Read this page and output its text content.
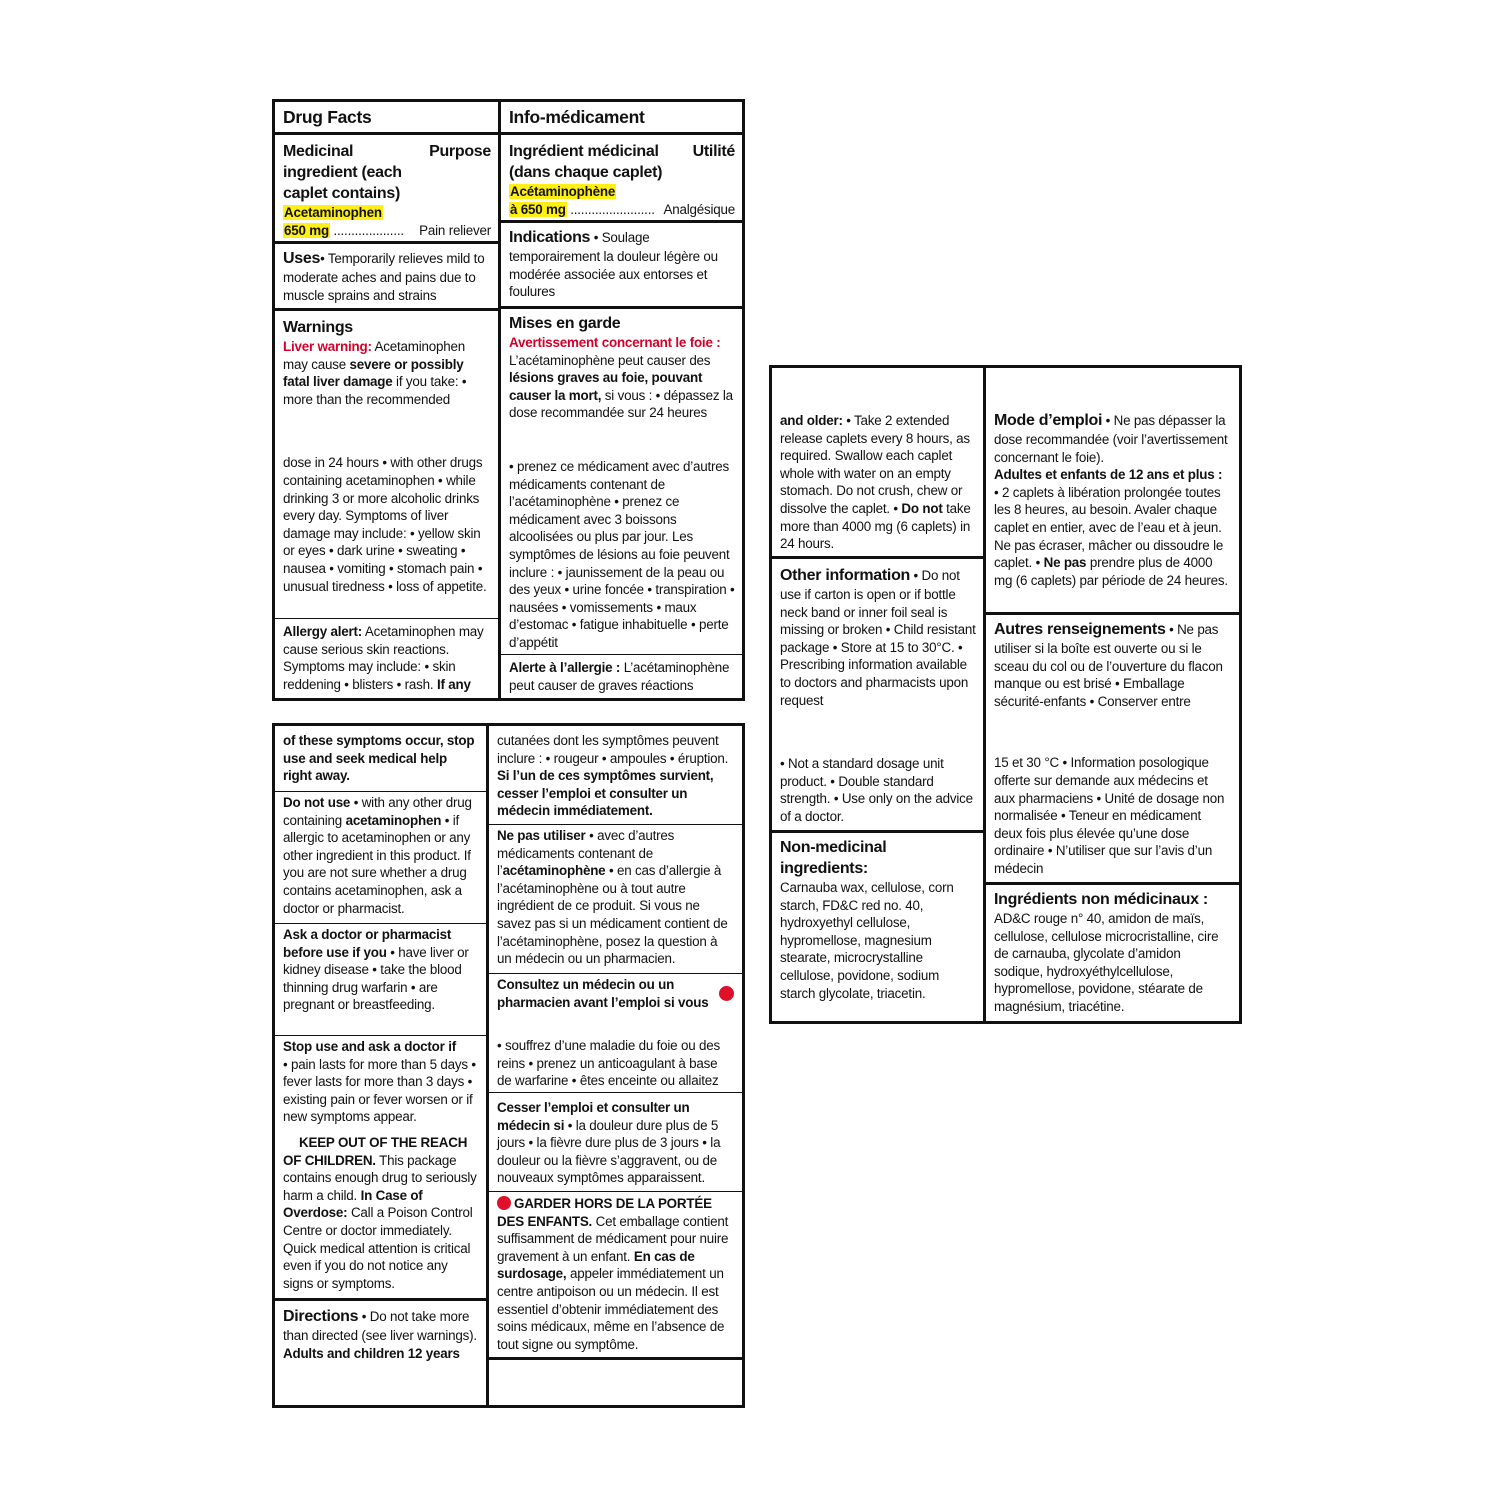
Drug Facts
Medicinal ingredient (each caplet contains)
Purpose
Acetaminophen
650 mg .................... Pain reliever
Uses• Temporarily relieves mild to moderate aches and pains due to muscle sprains and strains
Warnings
Liver warning: Acetaminophen may cause severe or possibly fatal liver damage if you take: • more than the recommended
dose in 24 hours • with other drugs containing acetaminophen • while drinking 3 or more alcoholic drinks every day. Symptoms of liver damage may include: • yellow skin or eyes • dark urine • sweating • nausea • vomiting • stomach pain • unusual tiredness • loss of appetite.
Allergy alert: Acetaminophen may cause serious skin reactions. Symptoms may include: • skin reddening • blisters • rash. If any
Info-médicament
Ingrédient médicinal (dans chaque caplet)
Utilité
Acétaminophène
à 650 mg ........................ Analgésique
Indications • Soulage temporairement la douleur légère ou modérée associée aux entorses et foulures
Mises en garde
Avertissement concernant le foie :
L’acétaminophène peut causer des lésions graves au foie, pouvant causer la mort, si vous : • dépassez la dose recommandée sur 24 heures
• prenez ce médicament avec d’autres médicaments contenant de l’acétaminophène • prenez ce médicament avec 3 boissons alcoolisées ou plus par jour. Les symptômes de lésions au foie peuvent inclure : • jaunissement de la peau ou des yeux • urine foncée • transpiration • nausées • vomissements • maux d’estomac • fatigue inhabituelle • perte d’appétit
Alerte à l’allergie : L’acétaminophène peut causer de graves réactions
of these symptoms occur, stop use and seek medical help right away.
Do not use • with any other drug containing acetaminophen • if allergic to acetaminophen or any other ingredient in this product. If you are not sure whether a drug contains acetaminophen, ask a doctor or pharmacist.
Ask a doctor or pharmacist before use if you • have liver or kidney disease • take the blood thinning drug warfarin • are pregnant or breastfeeding.
Stop use and ask a doctor if
• pain lasts for more than 5 days • fever lasts for more than 3 days • existing pain or fever worsen or if new symptoms appear.
KEEP OUT OF THE REACH OF CHILDREN. This package contains enough drug to seriously harm a child. In Case of Overdose: Call a Poison Control Centre or doctor immediately. Quick medical attention is critical even if you do not notice any signs or symptoms.
Directions • Do not take more than directed (see liver warnings).
Adults and children 12 years
cutanées dont les symptômes peuvent inclure : • rougeur • ampoules • éruption. Si l’un de ces symptômes survient, cesser l’emploi et consulter un médecin immédiatement.
Ne pas utiliser • avec d’autres médicaments contenant de l’acétaminophène • en cas d’allergie à l’acétaminophène ou à tout autre ingrédient de ce produit. Si vous ne savez pas si un médicament contient de l’acétaminophène, posez la question à un médecin ou un pharmacien.
Consultez un médecin ou un pharmacien avant l’emploi si vous
• souffrez d’une maladie du foie ou des reins • prenez un anticoagulant à base de warfarine • êtes enceinte ou allaitez
Cesser l’emploi et consulter un médecin si • la douleur dure plus de 5 jours • la fièvre dure plus de 3 jours • la douleur ou la fièvre s’aggravent, ou de nouveaux symptômes apparaissent.
GARDER HORS DE LA PORTÉE DES ENFANTS. Cet emballage contient suffisamment de médicament pour nuire gravement à un enfant. En cas de surdosage, appeler immédiatement un centre antipoison ou un médecin. Il est essentiel d’obtenir immédiatement des soins médicaux, même en l’absence de tout signe ou symptôme.
and older: • Take 2 extended release caplets every 8 hours, as required. Swallow each caplet whole with water on an empty stomach. Do not crush, chew or dissolve the caplet. • Do not take more than 4000 mg (6 caplets) in 24 hours.
Other information • Do not use if carton is open or if bottle neck band or inner foil seal is missing or broken • Child resistant package • Store at 15 to 30°C. • Prescribing information available to doctors and pharmacists upon request
• Not a standard dosage unit product. • Double standard strength. • Use only on the advice of a doctor.
Non-medicinal ingredients:
Carnauba wax, cellulose, corn starch, FD&C red no. 40, hydroxyethyl cellulose, hypromellose, magnesium stearate, microcrystalline cellulose, povidone, sodium starch glycolate, triacetin.
Mode d’emploi • Ne pas dépasser la dose recommandée (voir l’avertissement concernant le foie).
Adultes et enfants de 12 ans et plus :
• 2 caplets à libération prolongée toutes les 8 heures, au besoin. Avaler chaque caplet en entier, avec de l’eau et à jeun. Ne pas écraser, mâcher ou dissoudre le caplet. • Ne pas prendre plus de 4000 mg (6 caplets) par période de 24 heures.
Autres renseignements • Ne pas utiliser si la boîte est ouverte ou si le sceau du col ou de l’ouverture du flacon manque ou est brisé • Emballage sécurité-enfants • Conserver entre
15 et 30 °C • Information posologique offerte sur demande aux médecins et aux pharmaciens • Unité de dosage non normalisée • Teneur en médicament deux fois plus élevée qu’une dose ordinaire • N’utiliser que sur l’avis d’un médecin
Ingrédients non médicinaux :
AD&C rouge n° 40, amidon de maïs, cellulose, cellulose microcristalline, cire de carnauba, glycolate d’amidon sodique, hydroxyéthylcellulose, hypromellose, povidone, stéarate de magnésium, triacétine.
